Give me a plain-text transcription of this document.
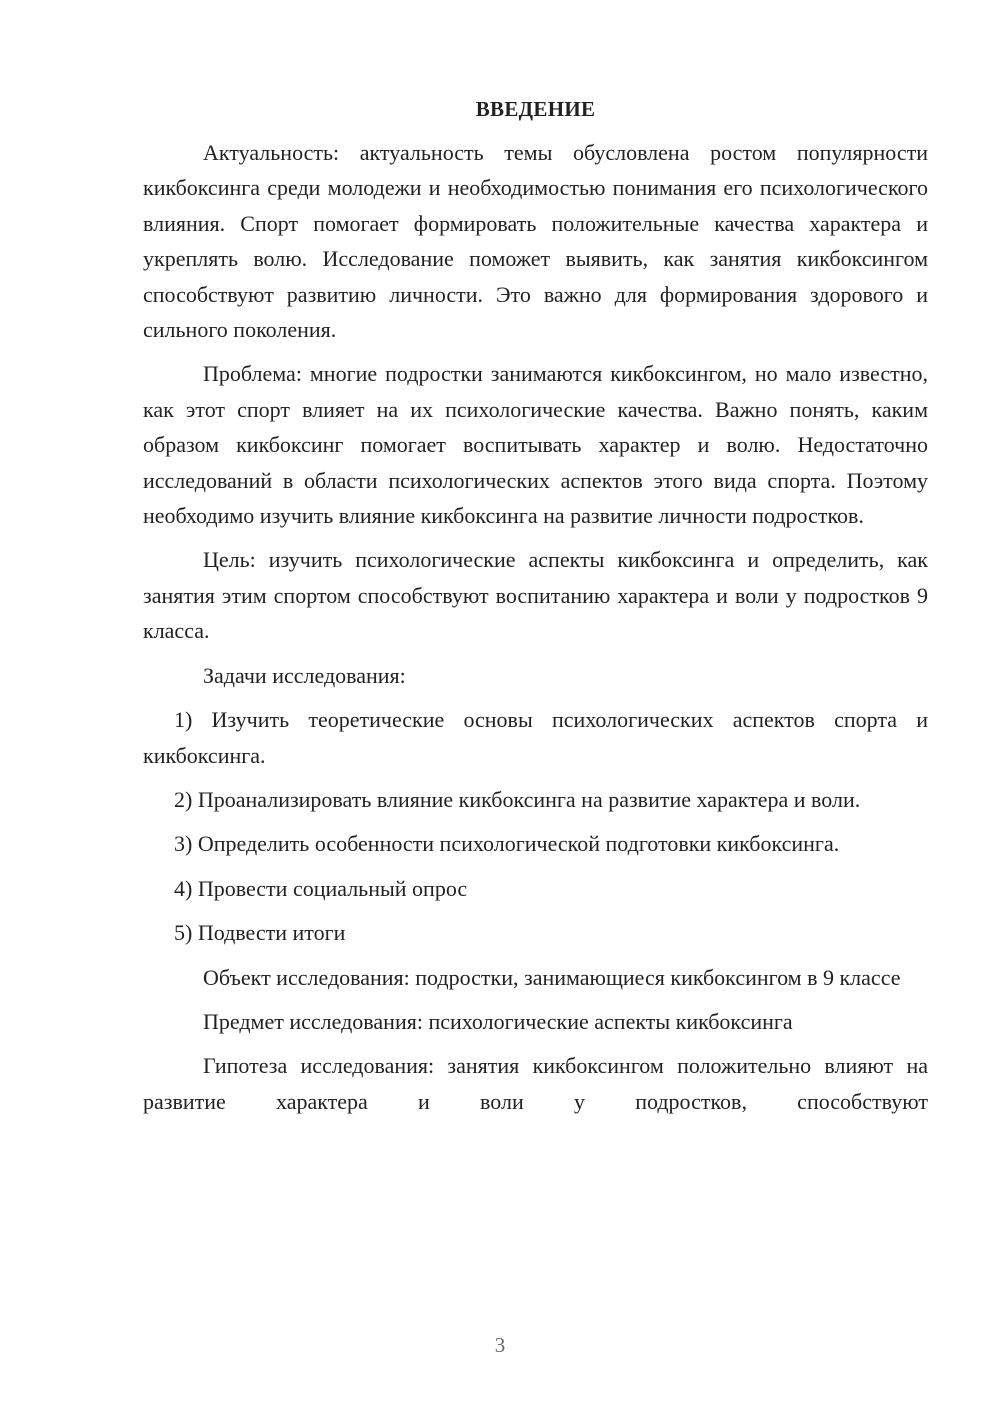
ВВЕДЕНИЕ

Актуальность: актуальность темы обусловлена ростом популярности кикбоксинга среди молодежи и необходимостью понимания его психологического влияния. Спорт помогает формировать положительные качества характера и укреплять волю. Исследование поможет выявить, как занятия кикбоксингом способствуют развитию личности. Это важно для формирования здорового и сильного поколения.

Проблема: многие подростки занимаются кикбоксингом, но мало известно, как этот спорт влияет на их психологические качества. Важно понять, каким образом кикбоксинг помогает воспитывать характер и волю. Недостаточно исследований в области психологических аспектов этого вида спорта. Поэтому необходимо изучить влияние кикбоксинга на развитие личности подростков.

Цель: изучить психологические аспекты кикбоксинга и определить, как занятия этим спортом способствуют воспитанию характера и воли у подростков 9 класса.

Задачи исследования:

1) Изучить теоретические основы психологических аспектов спорта и кикбоксинга.

2) Проанализировать влияние кикбоксинга на развитие характера и воли.

3) Определить особенности психологической подготовки кикбоксинга.

4) Провести социальный опрос

5) Подвести итоги

Объект исследования: подростки, занимающиеся кикбоксингом в 9 классе

Предмет исследования: психологические аспекты кикбоксинга

Гипотеза исследования: занятия кикбоксингом положительно влияют на развитие характера и воли у подростков, способствуют

3
